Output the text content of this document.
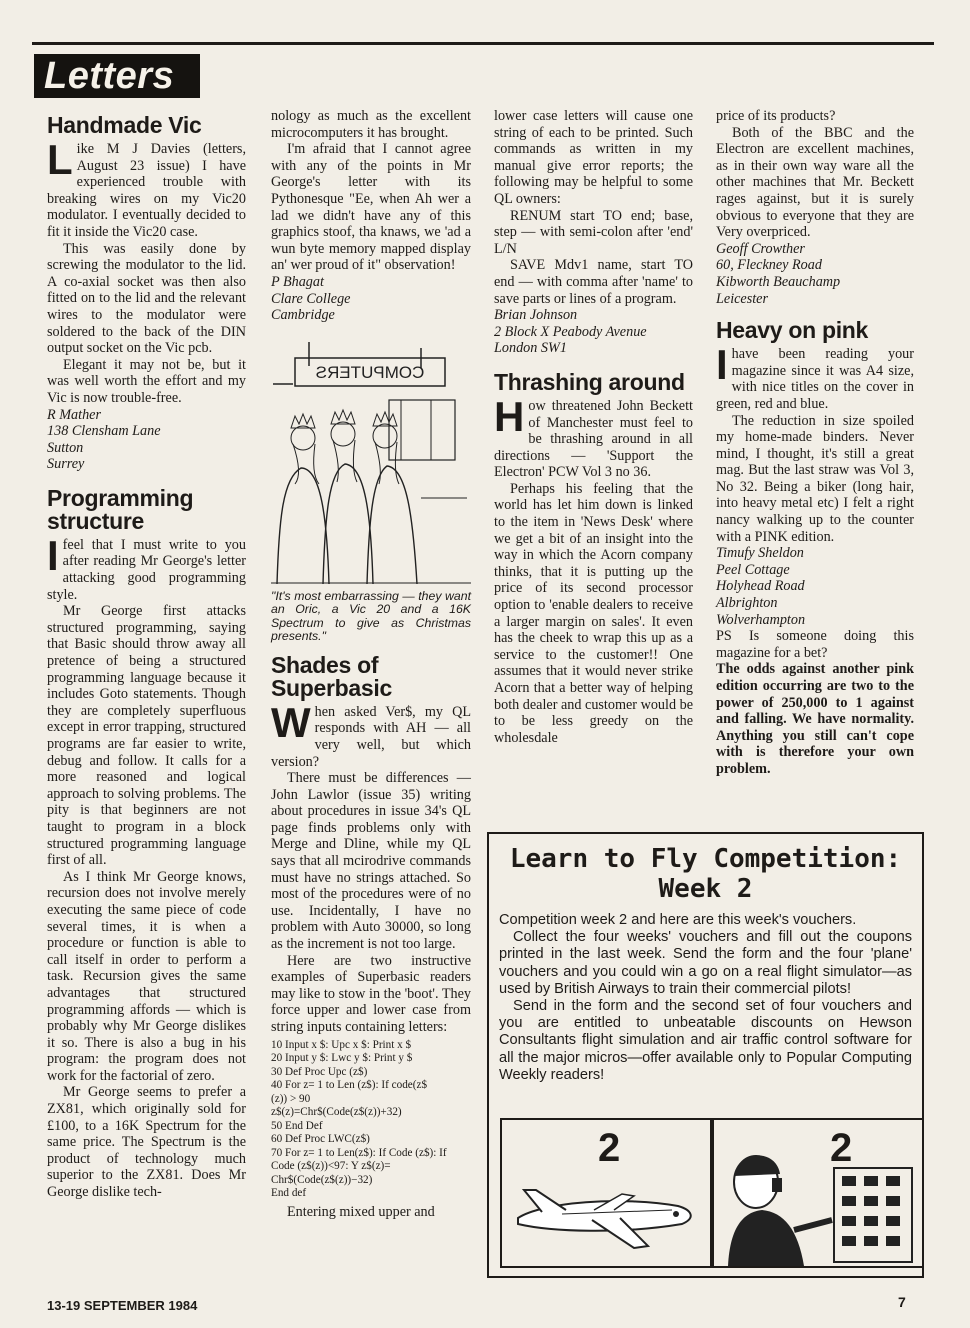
Letters
Handmade Vic

Like M J Davies (letters, August 23 issue) I have experienced trouble with breaking wires on my Vic20 modulator. I eventually decided to fit it inside the Vic20 case.

This was easily done by screwing the modulator to the lid. A co-axial socket was then also fitted on to the lid and the relevant wires to the modulator were soldered to the back of the DIN output socket on the Vic pcb.

Elegant it may not be, but it was well worth the effort and my Vic is now trouble-free.

R Mather

138 Clensham Lane

Sutton

Surrey

Programming structure

Ifeel that I must write to you after reading Mr George's letter attacking good programming style.

Mr George first attacks structured programming, saying that Basic should throw away all pretence of being a structured programming language because it includes Goto statements. Though they are completely superfluous except in error trapping, structured programs are far easier to write, debug and follow. It calls for a more reasoned and logical approach to solving problems. The pity is that beginners are not taught to program in a block structured programming language first of all.

As I think Mr George knows, recursion does not involve merely executing the same piece of code several times, it is when a procedure or function is able to call itself in order to perform a task. Recursion gives the same advantages that structured programming affords — which is probably why Mr George dislikes it so. There is also a bug in his program: the program does not work for the factorial of zero.

Mr George seems to prefer a ZX81, which originally sold for £100, to a 16K Spectrum for the same price. The Spectrum is the product of technology much superior to the ZX81. Does Mr George dislike tech-

nology as much as the excellent microcomputers it has brought.

I'm afraid that I cannot agree with any of the points in Mr George's letter with its Pythonesque "Ee, when Ah wer a lad we didn't have any of this graphics stoof, tha knaws, we 'ad a wun byte memory mapped display an' wer proud of it" observation!

P Bhagat

Clare College

Cambridge

COMPUTERS

"It's most embarrassing — they want an Oric, a Vic 20 and a 16K Spectrum to give as Christmas presents."

Shades of Superbasic

When asked Ver$, my QL responds with AH — all very well, but which version?

There must be differences — John Lawlor (issue 35) writing about procedures in issue 34's QL page finds problems only with Merge and Dline, while my QL says that all mcirodrive commands must have no strings attached. So most of the procedures were of no use. Incidentally, I have no problem with Auto 30000, so long as the increment is not too large.

Here are two instructive examples of Superbasic readers may like to stow in the 'boot'. They force upper and lower case from string inputs containing letters:

10 Input x $: Upc x $: Print x $
20 Input y $: Lwc y $: Print y $
30 Def Proc Upc (z$)
40 For z= 1 to Len (z$): If code(z$
(z)) > 90
z$(z)=Chr$(Code(z$(z))+32)
50 End Def
60 Def Proc LWC(z$)
70 For z= 1 to Len(z$): If Code (z$): If
Code (z$(z))<97: Y z$(z)=
Chr$(Code(z$(z))−32)
End def

Entering mixed upper and

lower case letters will cause one string of each to be printed. Such commands as written in my manual give error reports; the following may be helpful to some QL owners:

RENUM start TO end; base, step — with semi-colon after 'end' L/N

SAVE Mdv1 name, start TO end — with comma after 'name' to save parts or lines of a program.

Brian Johnson

2 Block X Peabody Avenue

London SW1

Thrashing around

How threatened John Beckett of Manchester must feel to be thrashing around in all directions — 'Support the Electron' PCW Vol 3 no 36.

Perhaps his feeling that the world has let him down is linked to the item in 'News Desk' where we get a bit of an insight into the way in which the Acorn company thinks, that it is putting up the price of its second processor option to 'enable dealers to receive a larger margin on sales'. It even has the cheek to wrap this up as a service to the customer!! One assumes that it would never strike Acorn that a better way of helping both dealer and customer would be to be less greedy on the wholesdale

price of its products?

Both of the BBC and the Electron are excellent machines, as in their own way ware all the other machines that Mr. Beckett rages against, but it is surely obvious to everyone that they are Very overpriced.

Geoff Crowther

60, Fleckney Road

Kibworth Beauchamp

Leicester

Heavy on pink

Ihave been reading your magazine since it was A4 size, with nice titles on the cover in green, red and blue.

The reduction in size spoiled my home-made binders. Never mind, I thought, it's still a great mag. But the last straw was Vol 3, No 32. Being a biker (long hair, into heavy metal etc) I felt a right nancy walking up to the counter with a PINK edition.

Timufy Sheldon

Peel Cottage

Holyhead Road

Albrighton

Wolverhampton

PS Is someone doing this magazine for a bet?

The odds against another pink edition occurring are two to the power of 250,000 to 1 against and falling. We have normality. Anything you still can't cope with is therefore your own problem.

Learn to Fly Competition:

Week 2

Competition week 2 and here are this week's vouchers.

Collect the four weeks' vouchers and fill out the coupons printed in the last week. Send the form and the four 'plane' vouchers and you could win a go on a real flight simulator—as used by British Airways to train their commercial pilots!

Send in the form and the second set of four vouchers and you are entitled to unbeatable discounts on Hewson Consultants flight simulation and air traffic control software for all the major micros—offer available only to Popular Computing Weekly readers!

2	2
13-19 SEPTEMBER 1984	7
